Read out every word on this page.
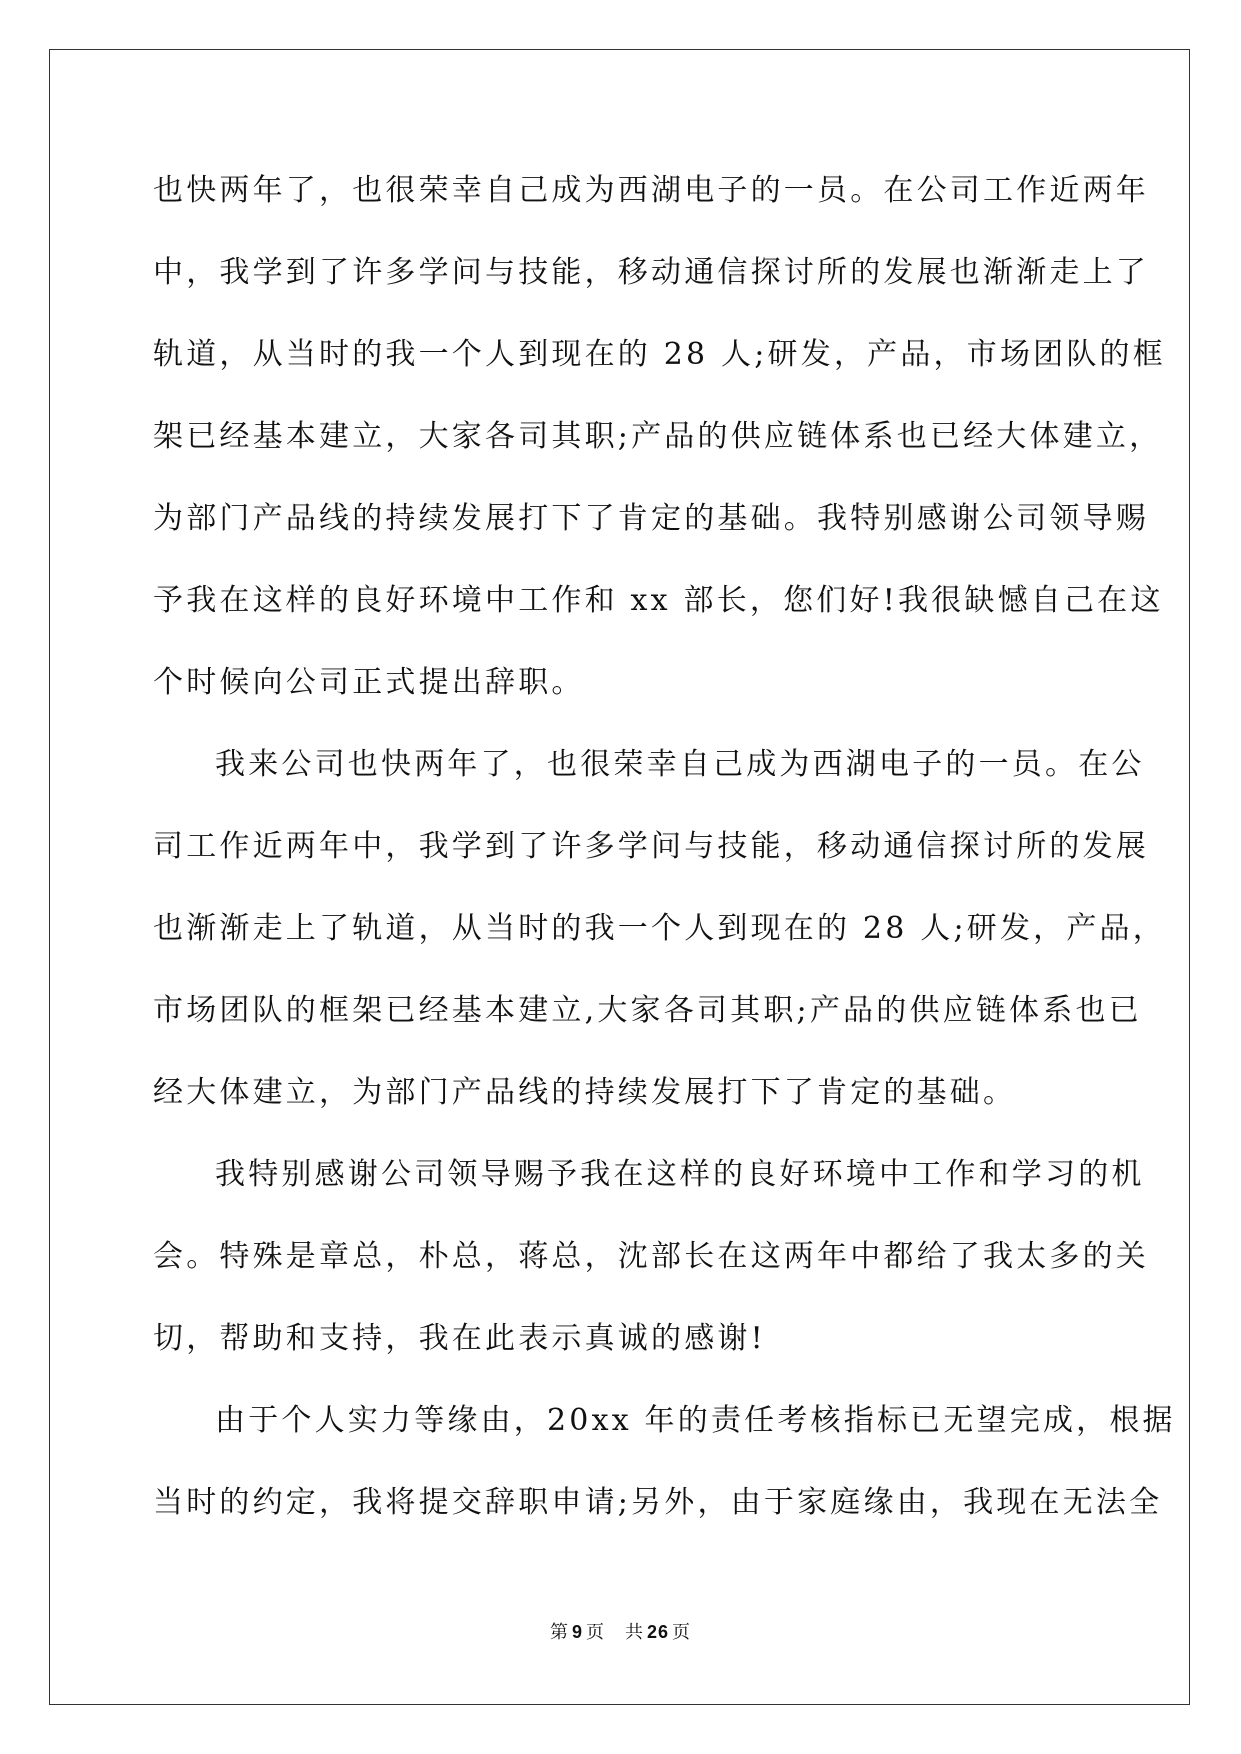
也快两年了，也很荣幸自己成为西湖电子的一员。在公司工作近两年
中，我学到了许多学问与技能，移动通信探讨所的发展也渐渐走上了
轨道，从当时的我一个人到现在的 28 人;研发，产品，市场团队的框
架已经基本建立，大家各司其职;产品的供应链体系也已经大体建立，
为部门产品线的持续发展打下了肯定的基础。我特别感谢公司领导赐
予我在这样的良好环境中工作和 xx 部长，您们好!我很缺憾自己在这
个时候向公司正式提出辞职。
我来公司也快两年了，也很荣幸自己成为西湖电子的一员。在公
司工作近两年中，我学到了许多学问与技能，移动通信探讨所的发展
也渐渐走上了轨道，从当时的我一个人到现在的 28 人;研发，产品，
市场团队的框架已经基本建立,大家各司其职;产品的供应链体系也已
经大体建立，为部门产品线的持续发展打下了肯定的基础。
我特别感谢公司领导赐予我在这样的良好环境中工作和学习的机
会。特殊是章总，朴总，蒋总，沈部长在这两年中都给了我太多的关
切，帮助和支持，我在此表示真诚的感谢!
由于个人实力等缘由，20xx 年的责任考核指标已无望完成，根据
当时的约定，我将提交辞职申请;另外，由于家庭缘由，我现在无法全
第 9 页 共 26 页
